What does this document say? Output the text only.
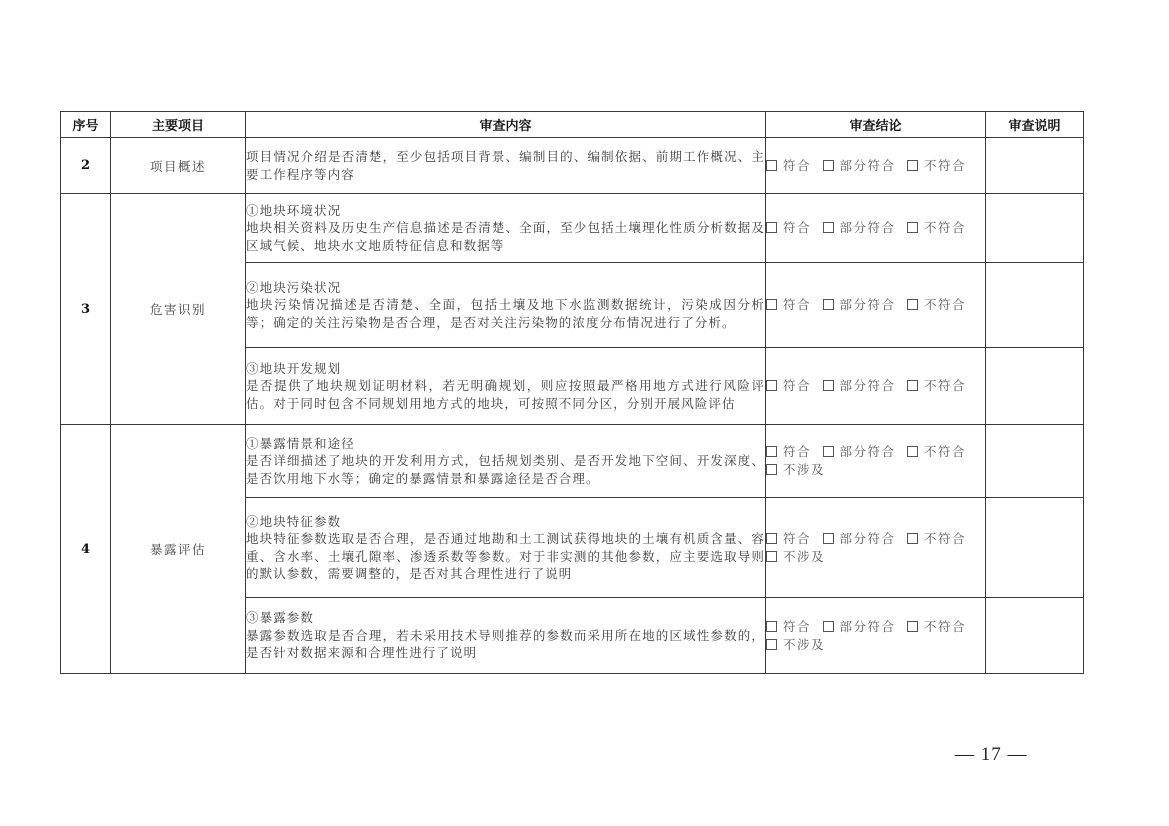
序号	主要项目	审查内容	审查结论	审查说明
2	项目概述	项目情况介绍是否清楚，至少包括项目背景、编制目的、编制依据、前期工作概况、主要工作程序等内容	符合 部分符合 不符合	

3	危害识别	①地块环境状况
地块相关资料及历史生产信息描述是否清楚、全面，至少包括土壤理化性质分析数据及区域气候、地块水文地质特征信息和数据等	符合 部分符合 不符合	

		②地块污染状况
地块污染情况描述是否清楚、全面，包括土壤及地下水监测数据统计，污染成因分析等；确定的关注污染物是否合理，是否对关注污染物的浓度分布情况进行了分析。	符合 部分符合 不符合	

		③地块开发规划
是否提供了地块规划证明材料，若无明确规划，则应按照最严格用地方式进行风险评估。对于同时包含不同规划用地方式的地块，可按照不同分区，分别开展风险评估	符合 部分符合 不符合	

4	暴露评估	①暴露情景和途径
是否详细描述了地块的开发利用方式，包括规划类别、是否开发地下空间、开发深度、是否饮用地下水等；确定的暴露情景和暴露途径是否合理。	符合 部分符合 不符合
不涉及	

		②地块特征参数
地块特征参数选取是否合理，是否通过地勘和土工测试获得地块的土壤有机质含量、容重、含水率、土壤孔隙率、渗透系数等参数。对于非实测的其他参数，应主要选取导则的默认参数，需要调整的，是否对其合理性进行了说明	符合 部分符合 不符合
不涉及	

		③暴露参数
暴露参数选取是否合理，若未采用技术导则推荐的参数而采用所在地的区域性参数的，是否针对数据来源和合理性进行了说明	符合 部分符合 不符合
不涉及	

— 17 —
